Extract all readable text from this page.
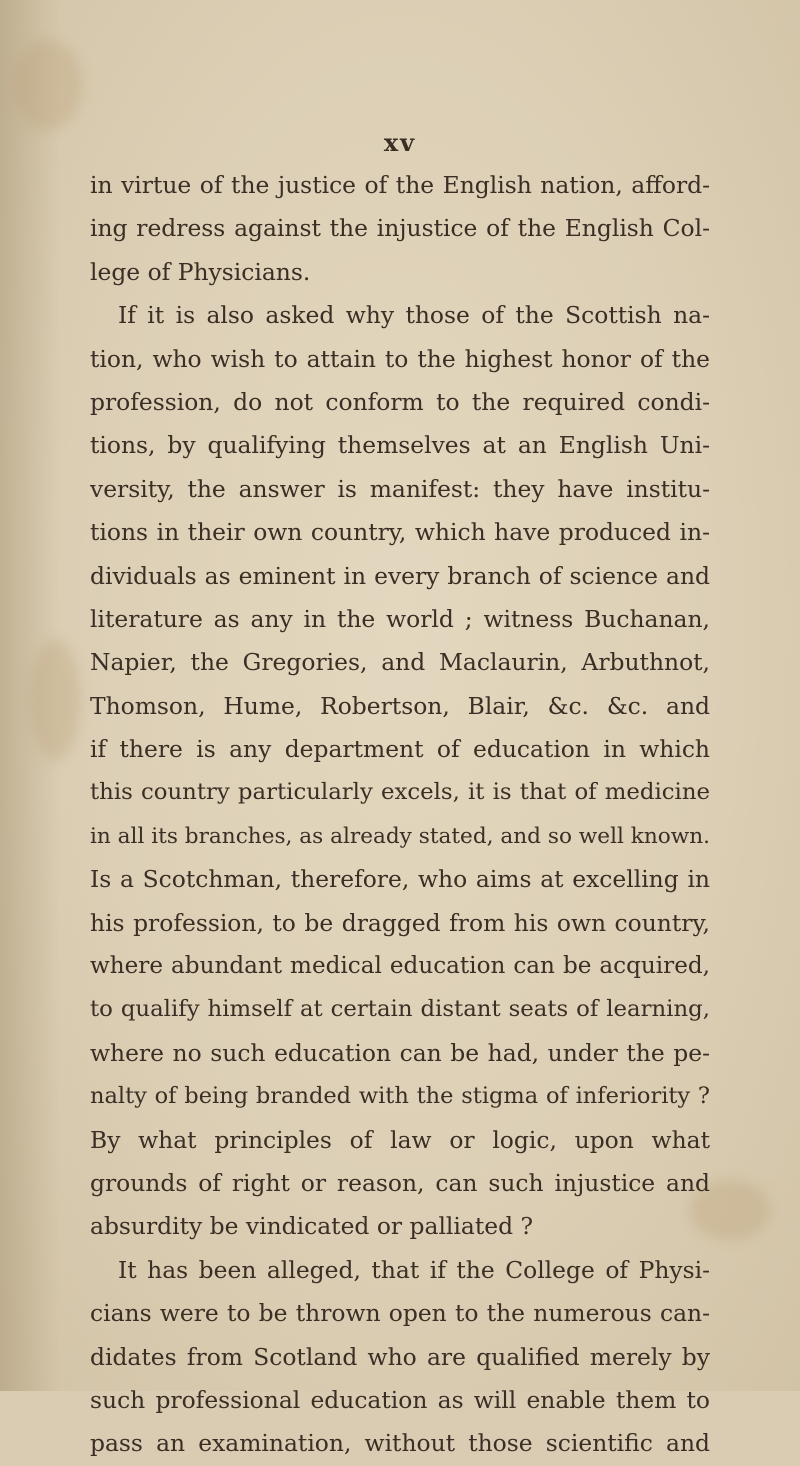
xv
in virtue of the justice of the English nation, afford-
ing redress against the injustice of the English Col-
lege of Physicians.
If it is also asked why those of the Scottish na-
tion, who wish to attain to the highest honor of the
profession, do not conform to the required condi-
tions, by qualifying themselves at an English Uni-
versity, the answer is manifest: they have institu-
tions in their own country, which have produced in-
dividuals as eminent in every branch of science and
literature as any in the world ; witness Buchanan,
Napier, the Gregories, and Maclaurin, Arbuthnot,
Thomson, Hume, Robertson, Blair, &c. &c. and
if there is any department of education in which
this country particularly excels, it is that of medicine
in all its branches, as already stated, and so well known.
Is a Scotchman, therefore, who aims at excelling in
his profession, to be dragged from his own country,
where abundant medical education can be acquired,
to qualify himself at certain distant seats of learning,
where no such education can be had, under the pe-
nalty of being branded with the stigma of inferiority ?
By what principles of law or logic, upon what
grounds of right or reason, can such injustice and
absurdity be vindicated or palliated ?
It has been alleged, that if the College of Physi-
cians were to be thrown open to the numerous can-
didates from Scotland who are qualified merely by
such professional education as will enable them to
pass an examination, without those scientific and
